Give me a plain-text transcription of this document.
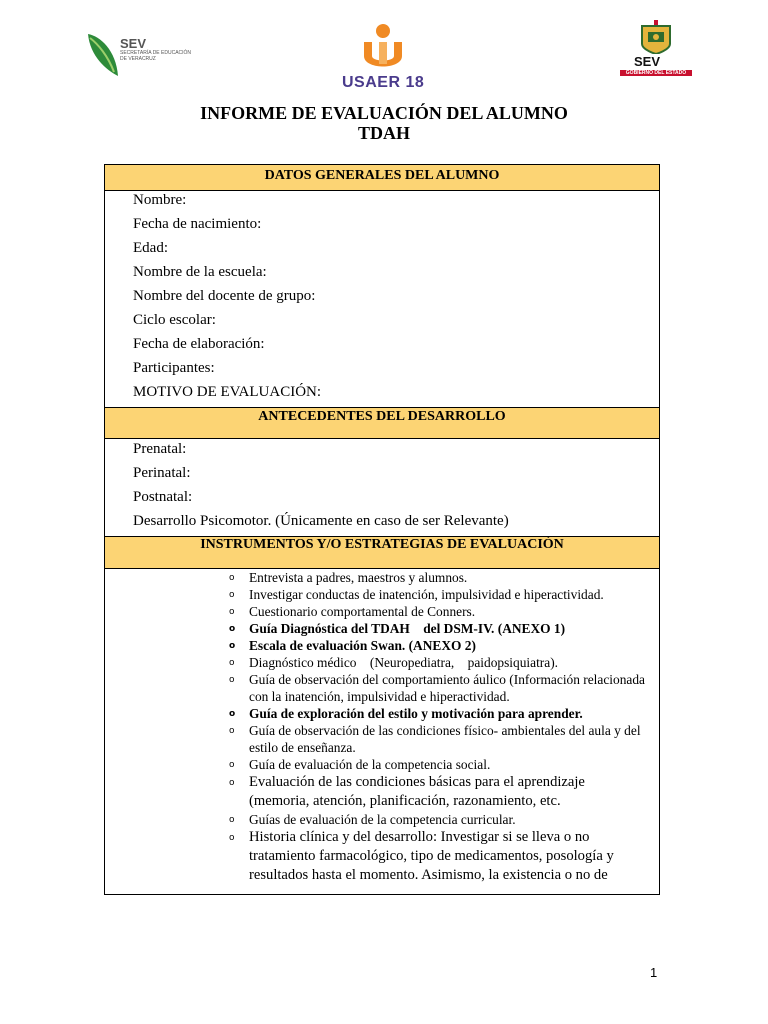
SEV
SECRETARÍA DE EDUCACIÓN DE VERACRUZ
USAER 18
SEV
GOBIERNO DEL ESTADO
INFORME DE EVALUACIÓN DEL ALUMNO
TDAH
DATOS GENERALES DEL ALUMNO
Nombre:
Fecha de nacimiento:
Edad:
Nombre de la escuela:
Nombre del docente de grupo:
Ciclo escolar:
Fecha de elaboración:
Participantes:
MOTIVO DE EVALUACIÓN:
ANTECEDENTES DEL DESARROLLO
Prenatal:
Perinatal:
Postnatal:
Desarrollo Psicomotor. (Únicamente en caso de ser Relevante)
INSTRUMENTOS Y/O ESTRATEGIAS DE EVALUACIÓN
o Entrevista a padres, maestros y alumnos.
o Investigar conductas de inatención, impulsividad e hiperactividad.
o Cuestionario comportamental de Conners.
o Guía Diagnóstica del TDAH    del DSM-IV. (ANEXO 1)
o Escala de evaluación Swan. (ANEXO 2)
o Diagnóstico médico    (Neuropediatra,    paidopsiquiatra).
o Guía de observación del comportamiento áulico (Información relacionada con la inatención, impulsividad e hiperactividad.
o Guía de exploración del estilo y motivación para aprender.
o Guía de observación de las condiciones físico- ambientales del aula y del estilo de enseñanza.
o Guía de evaluación de la competencia social.
o Evaluación de las condiciones básicas para el aprendizaje (memoria, atención, planificación, razonamiento, etc.
o Guías de evaluación de la competencia curricular.
o Historia clínica y del desarrollo: Investigar si se lleva o no tratamiento farmacológico, tipo de medicamentos, posología y resultados hasta el momento. Asimismo, la existencia o no de
1
